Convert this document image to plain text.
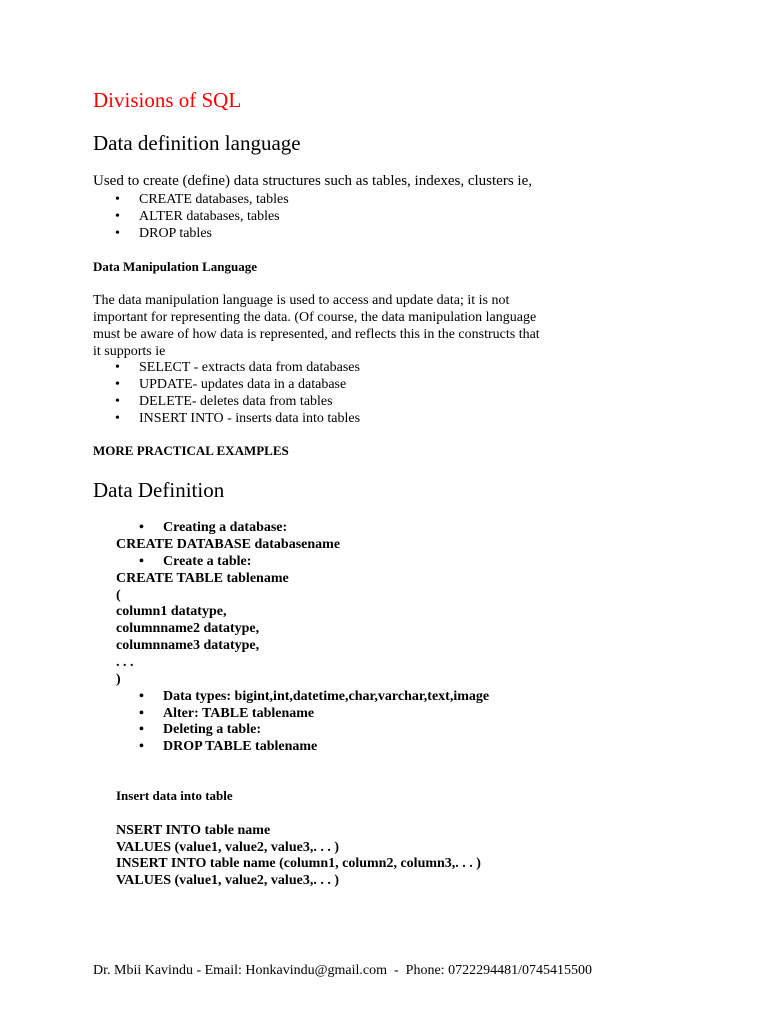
Divisions of SQL
Data definition language
Used to create (define) data structures such as tables, indexes, clusters ie,
• CREATE databases, tables
• ALTER databases, tables
• DROP tables
Data Manipulation Language
The data manipulation language is used to access and update data; it is not
important for representing the data. (Of course, the data manipulation language
must be aware of how data is represented, and reflects this in the constructs that
it supports ie
• SELECT - extracts data from databases
• UPDATE- updates data in a database
• DELETE- deletes data from tables
• INSERT INTO - inserts data into tables
MORE PRACTICAL EXAMPLES
Data Definition
• Creating a database:
CREATE DATABASE databasename
• Create a table:
CREATE TABLE tablename
(
column1 datatype,
columnname2 datatype,
columnname3 datatype,
. . .
)
• Data types: bigint,int,datetime,char,varchar,text,image
• Alter: TABLE tablename
• Deleting a table:
• DROP TABLE tablename
Insert data into table
NSERT INTO table name
VALUES (value1, value2, value3,. . . )
INSERT INTO table name (column1, column2, column3,. . . )
VALUES (value1, value2, value3,. . . )
Dr. Mbii Kavindu - Email: Honkavindu@gmail.com  -  Phone: 0722294481/0745415500
